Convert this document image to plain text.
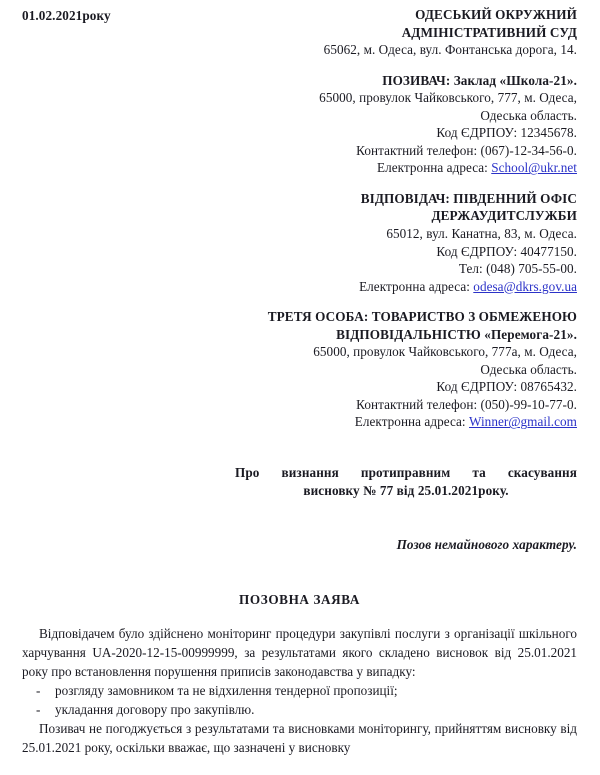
01.02.2021року	ОДЕСЬКИЙ ОКРУЖНИЙ
АДМІНІСТРАТИВНИЙ СУД
65062, м. Одеса, вул. Фонтанська дорога, 14.
ПОЗИВАЧ: Заклад «Школа-21».
65000, провулок Чайковського, 777, м. Одеса,
Одеська область.
Код ЄДРПОУ: 12345678.
Контактний телефон: (067)-12-34-56-0.
Електронна адреса: School@ukr.net
ВІДПОВІДАЧ: ПІВДЕННИЙ ОФІС
ДЕРЖАУДИТСЛУЖБИ
65012, вул. Канатна, 83, м. Одеса.
Код ЄДРПОУ: 40477150.
Тел: (048) 705-55-00.
Електронна адреса: odesa@dkrs.gov.ua
ТРЕТЯ ОСОБА: ТОВАРИСТВО З ОБМЕЖЕНОЮ
ВІДПОВІДАЛЬНІСТЮ «Перемога-21».
65000, провулок Чайковського, 777а, м. Одеса,
Одеська область.
Код ЄДРПОУ: 08765432.
Контактний телефон: (050)-99-10-77-0.
Електронна адреса: Winner@gmail.com
Про визнання протиправним та скасування
висновку № 77 від 25.01.2021року.
Позов немайнового характеру.
ПОЗОВНА ЗАЯВА

Відповідачем було здійснено моніторинг процедури закупівлі послуги з організації шкільного харчування UA-2020-12-15-00999999, за результатами якого складено висновок від 25.01.2021 року про встановлення порушення приписів законодавства у випадку:

- розгляду замовником та не відхилення тендерної пропозиції;
- укладання договору про закупівлю.

Позивач не погоджується з результатами та висновками моніторингу, прийняттям висновку від 25.01.2021 року, оскільки вважає, що зазначені у висновку
